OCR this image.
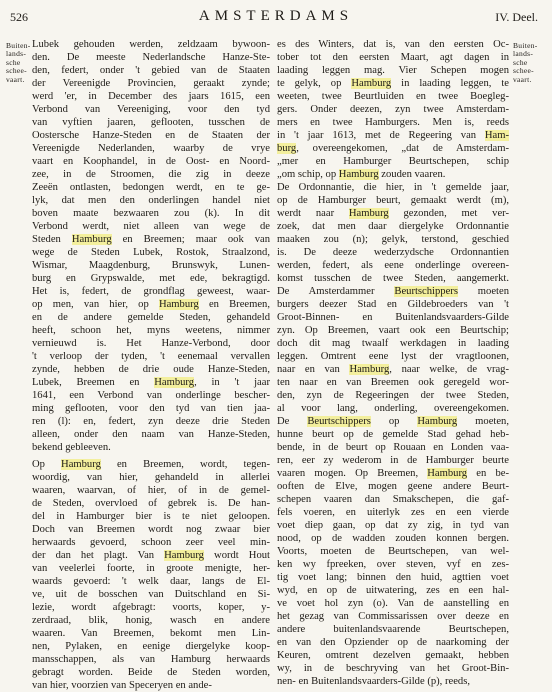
526	AMSTERDAMS	IV. Deel.
Buiten-
lands-
sche
schee-
vaart.
Buiten-
lands-
sche
schee-
vaart.
Lubek gehouden werden, zeldzaam bywoon-
den. De meeste Nederlandsche Hanze-Ste-
den, federt, onder 't gebied van de Staaten
der Vereenigde Provincien, geraakt zynde;
werd 'er, in December des jaars 1615, een
Verbond van Vereeniging, voor den tyd
van vyftien jaaren, geflooten, tusschen de
Oostersche Hanze-Steden en de Staaten der
Vereenigde Nederlanden, waarby de vrye
vaart en Koophandel, in de Oost- en Noord-
zee, in de Stroomen, die zig in deeze
Zeeën ontlasten, bedongen werdt, en te ge-
lyk, dat men den onderlingen handel niet
boven maate bezwaaren zou (k). In dit
Verbond werdt, niet alleen van wege de
Steden Hamburg en Breemen; maar ook van
wege de Steden Lubek, Rostok, Straalzond,
Wismar, Maagdenburg, Brunswyk, Lunen-
burg en Grypswalde, met ede, bekragtigd.
Het is, federt, de grondflag geweest, waar-
op men, van hier, op Hamburg en Breemen,
en de andere gemelde Steden, gehandeld
heeft, schoon het, myns weetens, nimmer
vernieuwd is. Het Hanze-Verbond, door
't verloop der tyden, 't eenemaal vervallen
zynde, hebben de drie oude Hanze-Steden,
Lubek, Breemen en Hamburg, in 't jaar
1641, een Verbond van onderlinge bescher-
ming geflooten, voor den tyd van tien jaa-
ren (l): en, federt, zyn deeze drie Steden
alleen, onder den naam van Hanze-Steden,
bekend gebleeven.
Op Hamburg en Breemen, wordt, tegen-
woordig, van hier, gehandeld in allerlei
waaren, waarvan, of hier, of in de gemel-
de Steden, overvloed of gebrek is. De han-
del in Hamburger bier is te niet geloopen.
Doch van Breemen wordt nog zwaar bier
herwaards gevoerd, schoon zeer veel min-
der dan het plagt. Van Hamburg wordt Hout
van veelerlei foorte, in groote menigte, her-
waards gevoerd: 't welk daar, langs de El-
ve, uit de bosschen van Duitschland en Si-
lezie, wordt afgebragt: voorts, koper, y-
zerdraad, blik, honig, wasch en andere
waaren. Van Breemen, bekomt men Lin-
nen, Pylaken, en eenige diergelyke koop-
mansschappen, als van Hamburg herwaards
gebragt worden. Beide de Steden worden,
van hier, voorzien van Speceryen en ande-
es des Winters, dat is, van den eersten Oc-
tober tot den eersten Maart, agt dagen in
laading leggen mag. Vier Schepen mogen
te gelyk, op Hamburg in laading leggen, te
weeten, twee Beurtluiden en twee Boegleg-
gers. Onder deezen, zyn twee Amsterdam-
mers en twee Hamburgers. Men is, reeds
in 't jaar 1613, met de Regeering van Ham-
burg, overeengekomen, „dat de Amsterdam-
„mer en Hamburger Beurtschepen, schip
„om schip, op Hamburg zouden vaaren.
De Ordonnantie, die hier, in 't gemelde jaar,
op de Hamburger beurt, gemaakt werdt (m),
werdt naar Hamburg gezonden, met ver-
zoek, dat men daar diergelyke Ordonnantie
maaken zou (n); gelyk, terstond, geschied
is. De deeze wederzydsche Ordonnantien
werden, federt, als eene onderlinge overeen-
komst tusschen de twee Steden, aangemerkt.
De Amsterdammer Beurtschippers moeten
burgers deezer Stad en Gildebroeders van 't
Groot-Binnen- en Buitenlandsvaarders-Gilde
zyn. Op Breemen, vaart ook een Beurtschip;
doch dit mag twaalf werkdagen in laading
leggen. Omtrent eene lyst der vragtloonen,
naar en van Hamburg, naar welke, de vrag-
ten naar en van Breemen ook geregeld wor-
den, zyn de Regeeringen der twee Steden,
al voor lang, onderling, overeengekomen.
De Beurtschippers op Hamburg moeten,
hunne beurt op de gemelde Stad gehad heb-
bende, in de beurt op Rouaan en Londen vaa-
ren, eer zy wederom in de Hamburger beurte
vaaren mogen. Op Breemen, Hamburg en be-
ooften de Elve, mogen geene andere Beurt-
schepen vaaren dan Smakschepen, die gaf-
fels voeren, en uiterlyk zes en een vierde
voet diep gaan, op dat zy zig, in tyd van
nood, op de wadden zouden konnen bergen.
Voorts, moeten de Beurtschepen, van wel-
ken wy fpreeken, over steven, vyf en zes-
tig voet lang; binnen den huid, agttien voet
wyd, en op de uitwatering, zes en een hal-
ve voet hol zyn (o). Van de aanstelling en
het gezag van Commissarissen over deeze en
andere buitenlandsvaarende Beurtschepen,
en van den Opziender op de naarkoming der
Keuren, omtrent dezelven gemaakt, hebben
wy, in de beschryving van het Groot-Bin-
nen- en Buitenlandsvaarders-Gilde (p), reeds,
